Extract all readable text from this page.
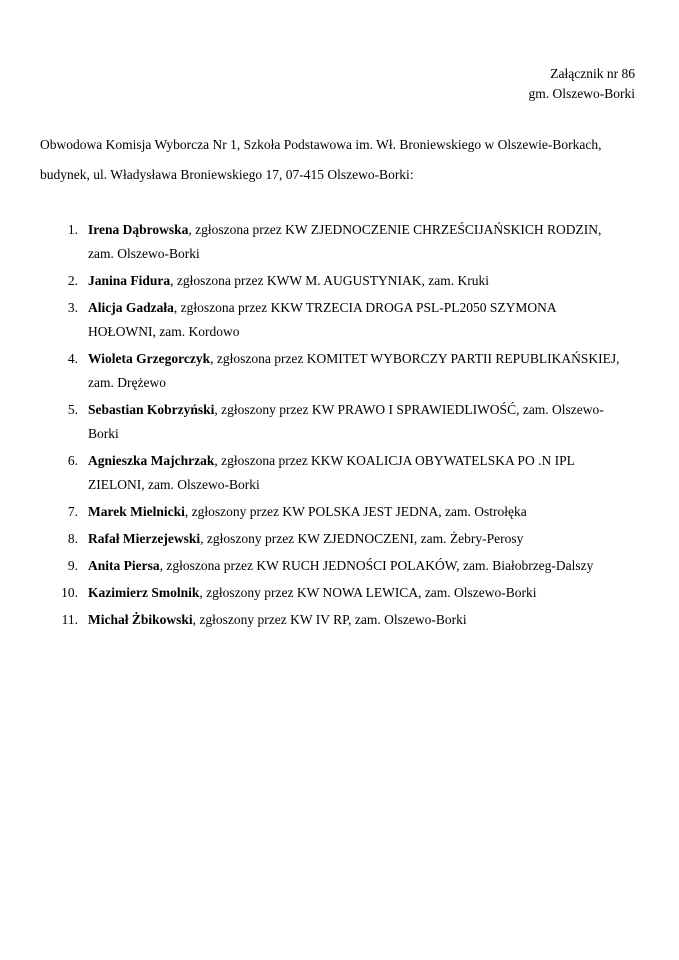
Załącznik nr 86
gm. Olszewo-Borki

Obwodowa Komisja Wyborcza Nr 1, Szkoła Podstawowa im. Wł. Broniewskiego w Olszewie-Borkach, budynek, ul. Władysława Broniewskiego 17, 07-415 Olszewo-Borki:

1. Irena Dąbrowska, zgłoszona przez KW ZJEDNOCZENIE CHRZEŚCIJAŃSKICH RODZIN, zam. Olszewo-Borki
2. Janina Fidura, zgłoszona przez KWW M. AUGUSTYNIAK, zam. Kruki
3. Alicja Gadzała, zgłoszona przez KKW TRZECIA DROGA PSL-PL2050 SZYMONA HOŁOWNI, zam. Kordowo
4. Wioleta Grzegorczyk, zgłoszona przez KOMITET WYBORCZY PARTII REPUBLIKAŃSKIEJ, zam. Drężewo
5. Sebastian Kobrzyński, zgłoszony przez KW PRAWO I SPRAWIEDLIWOŚĆ, zam. Olszewo-Borki
6. Agnieszka Majchrzak, zgłoszona przez KKW KOALICJA OBYWATELSKA PO .N IPL ZIELONI, zam. Olszewo-Borki
7. Marek Mielnicki, zgłoszony przez KW POLSKA JEST JEDNA, zam. Ostrołęka
8. Rafał Mierzejewski, zgłoszony przez KW ZJEDNOCZENI, zam. Żebry-Perosy
9. Anita Piersa, zgłoszona przez KW RUCH JEDNOŚCI POLAKÓW, zam. Białobrzeg-Dalszy
10. Kazimierz Smolnik, zgłoszony przez KW NOWA LEWICA, zam. Olszewo-Borki
11. Michał Żbikowski, zgłoszony przez KW IV RP, zam. Olszewo-Borki
